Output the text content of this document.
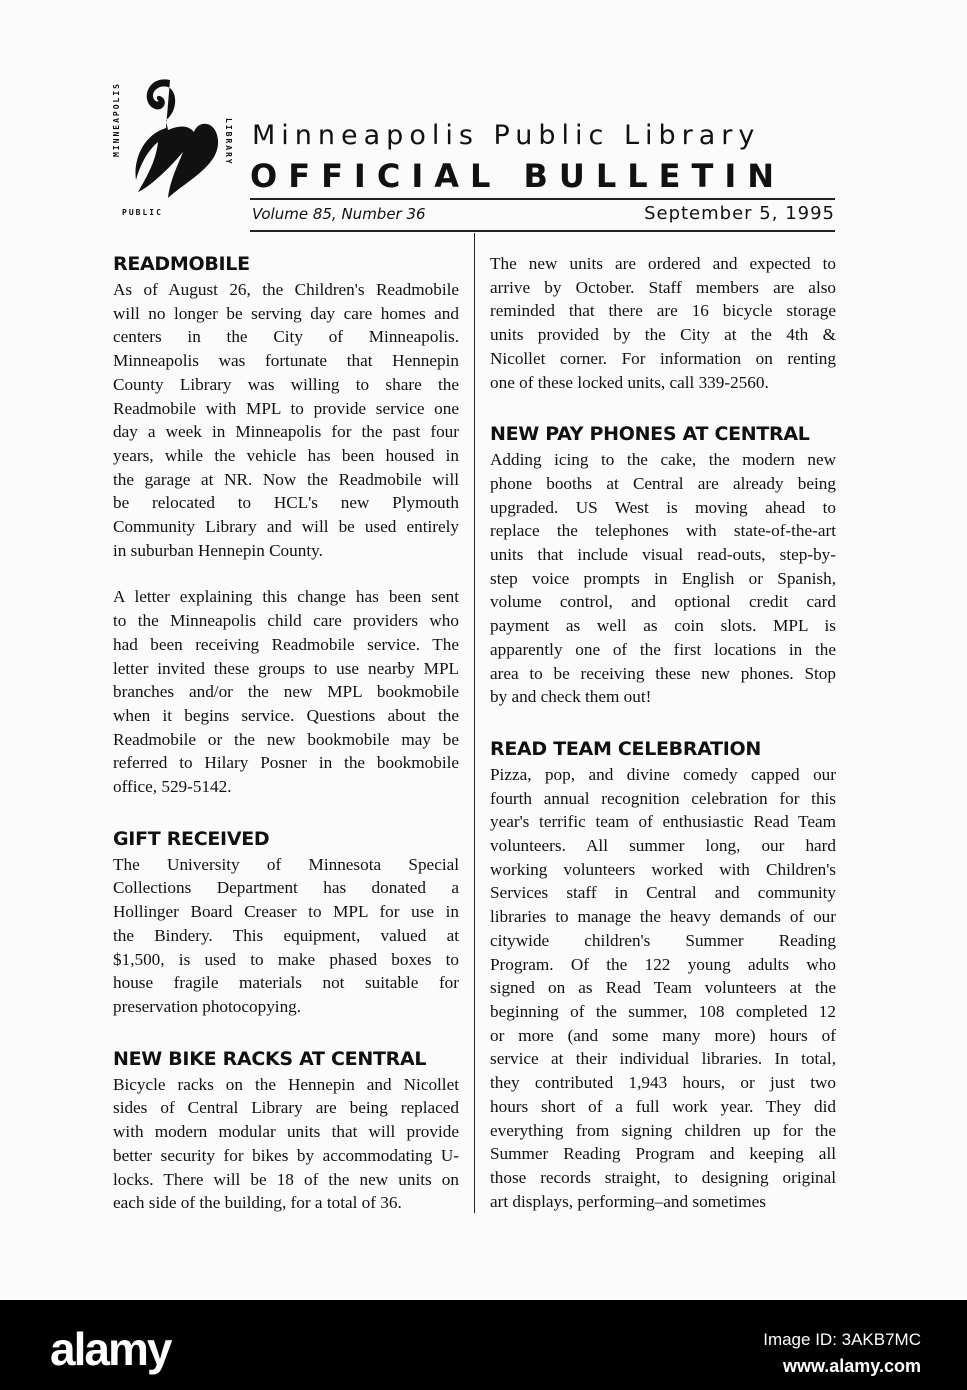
MINNEAPOLIS
PUBLIC
LIBRARY Minneapolis Public Library
OFFICIAL BULLETIN
Volume 85, Number 36	September 5, 1995
READMOBILE
As of August 26, the Children's Readmobile
will no longer be serving day care homes and
centers in the City of Minneapolis.
Minneapolis was fortunate that Hennepin
County Library was willing to share the
Readmobile with MPL to provide service one
day a week in Minneapolis for the past four
years, while the vehicle has been housed in
the garage at NR. Now the Readmobile will
be relocated to HCL's new Plymouth
Community Library and will be used entirely
in suburban Hennepin County.
A letter explaining this change has been sent
to the Minneapolis child care providers who
had been receiving Readmobile service. The
letter invited these groups to use nearby MPL
branches and/or the new MPL bookmobile
when it begins service. Questions about the
Readmobile or the new bookmobile may be
referred to Hilary Posner in the bookmobile
office, 529-5142.
GIFT RECEIVED
The University of Minnesota Special
Collections Department has donated a
Hollinger Board Creaser to MPL for use in
the Bindery. This equipment, valued at
$1,500, is used to make phased boxes to
house fragile materials not suitable for
preservation photocopying.
NEW BIKE RACKS AT CENTRAL
Bicycle racks on the Hennepin and Nicollet
sides of Central Library are being replaced
with modern modular units that will provide
better security for bikes by accommodating U-
locks. There will be 18 of the new units on
each side of the building, for a total of 36.
The new units are ordered and expected to
arrive by October. Staff members are also
reminded that there are 16 bicycle storage
units provided by the City at the 4th &
Nicollet corner. For information on renting
one of these locked units, call 339-2560.
NEW PAY PHONES AT CENTRAL
Adding icing to the cake, the modern new
phone booths at Central are already being
upgraded. US West is moving ahead to
replace the telephones with state-of-the-art
units that include visual read-outs, step-by-
step voice prompts in English or Spanish,
volume control, and optional credit card
payment as well as coin slots. MPL is
apparently one of the first locations in the
area to be receiving these new phones. Stop
by and check them out!
READ TEAM CELEBRATION
Pizza, pop, and divine comedy capped our
fourth annual recognition celebration for this
year's terrific team of enthusiastic Read Team
volunteers. All summer long, our hard
working volunteers worked with Children's
Services staff in Central and community
libraries to manage the heavy demands of our
citywide children's Summer Reading
Program. Of the 122 young adults who
signed on as Read Team volunteers at the
beginning of the summer, 108 completed 12
or more (and some many more) hours of
service at their individual libraries. In total,
they contributed 1,943 hours, or just two
hours short of a full work year. They did
everything from signing children up for the
Summer Reading Program and keeping all
those records straight, to designing original
art displays, performing–and sometimes
alamy	Image ID: 3AKB7MC
www.alamy.com
